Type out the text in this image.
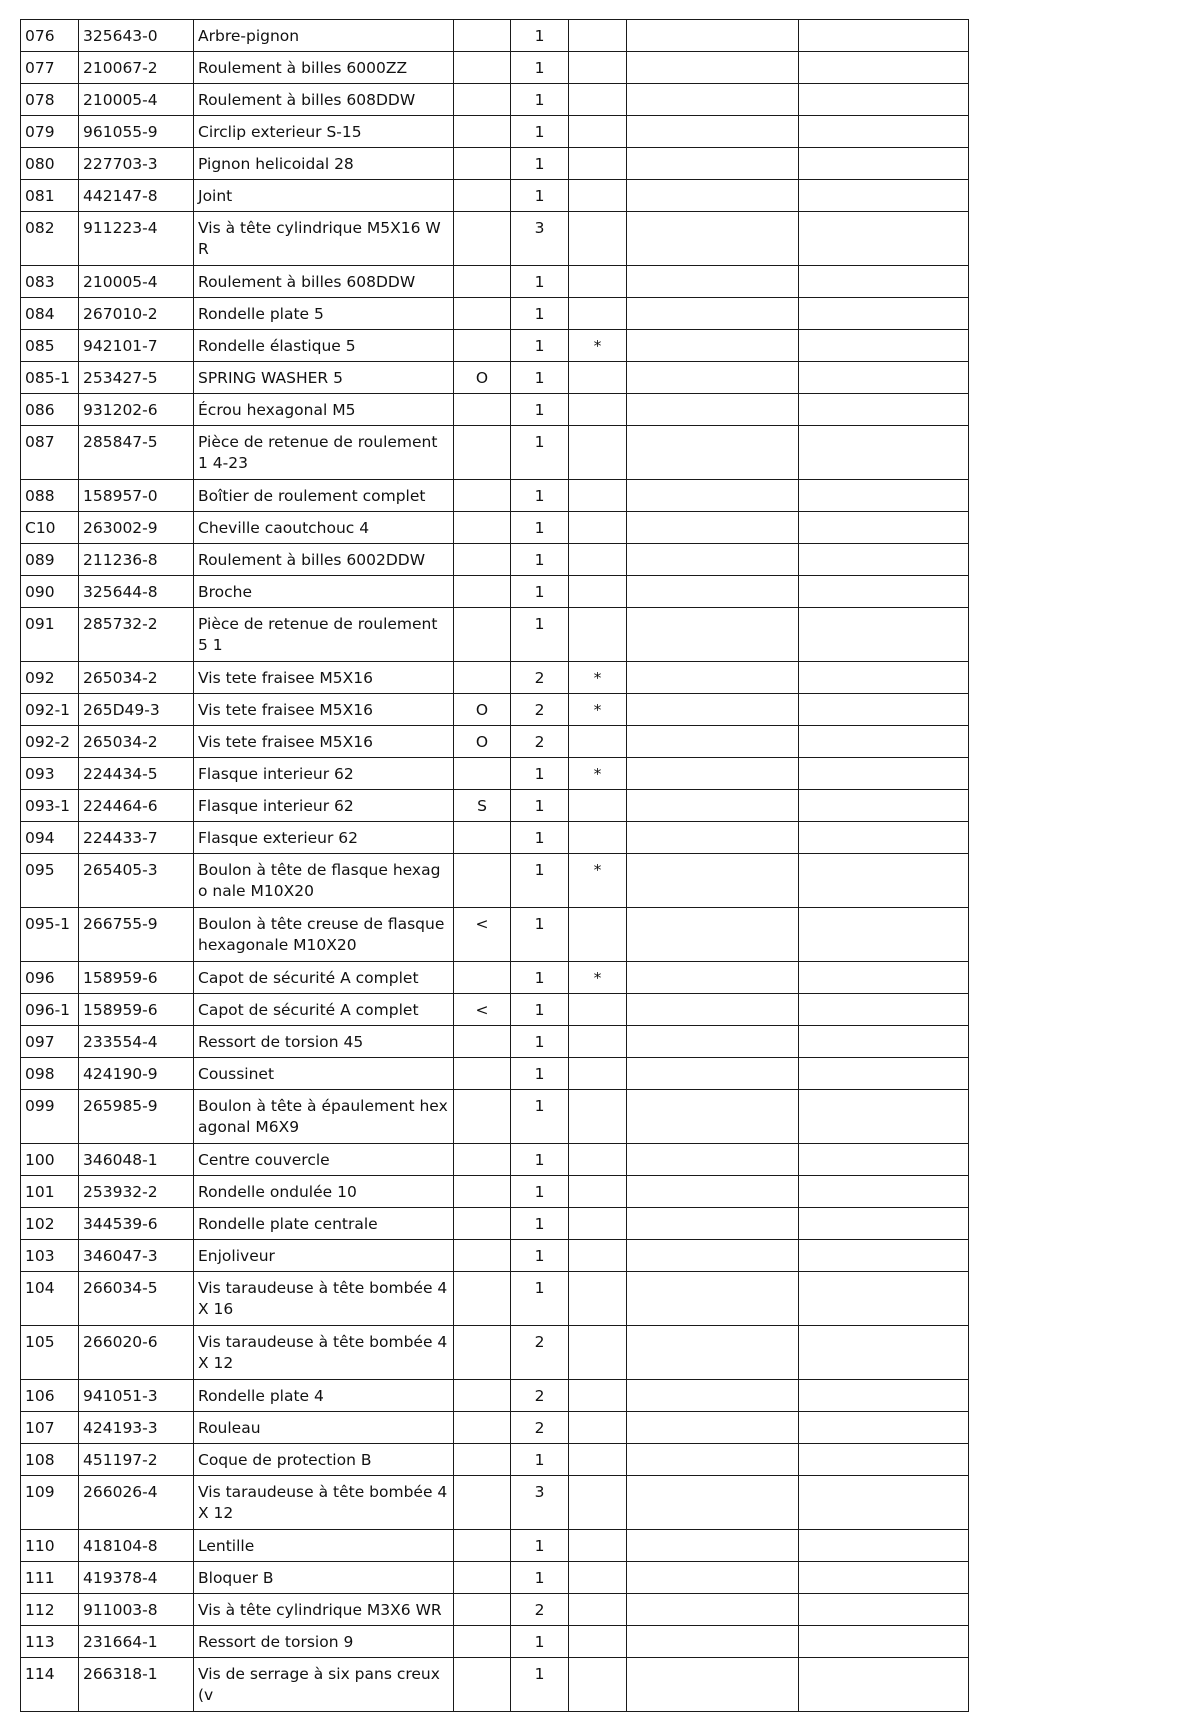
076	325643-0	Arbre-pignon		1			
077	210067-2	Roulement à billes 6000ZZ		1			
078	210005-4	Roulement à billes 608DDW		1			
079	961055-9	Circlip exterieur S-15		1			
080	227703-3	Pignon helicoidal 28		1			
081	442147-8	Joint		1			
082	911223-4	Vis à tête cylindrique M5X16 WR		3			
083	210005-4	Roulement à billes 608DDW		1			
084	267010-2	Rondelle plate 5		1			
085	942101-7	Rondelle élastique 5		1	*		
085-1	253427-5	SPRING WASHER 5	O	1			
086	931202-6	Écrou hexagonal M5		1			
087	285847-5	Pièce de retenue de roulement 1 4-23		1			
088	158957-0	Boîtier de roulement complet		1			
C10	263002-9	Cheville caoutchouc 4		1			
089	211236-8	Roulement à billes 6002DDW		1			
090	325644-8	Broche		1			
091	285732-2	Pièce de retenue de roulement 5 1		1			
092	265034-2	Vis tete fraisee M5X16		2	*		
092-1	265D49-3	Vis tete fraisee M5X16	O	2	*		
092-2	265034-2	Vis tete fraisee M5X16	O	2			
093	224434-5	Flasque interieur 62		1	*		
093-1	224464-6	Flasque interieur 62	S	1			
094	224433-7	Flasque exterieur 62		1			
095	265405-3	Boulon à tête de flasque hexago nale M10X20		1	*		
095-1	266755-9	Boulon à tête creuse de flasque hexagonale M10X20	<	1			
096	158959-6	Capot de sécurité A complet		1	*		
096-1	158959-6	Capot de sécurité A complet	<	1			
097	233554-4	Ressort de torsion 45		1			
098	424190-9	Coussinet		1			
099	265985-9	Boulon à tête à épaulement hex agonal M6X9		1			
100	346048-1	Centre couvercle		1			
101	253932-2	Rondelle ondulée 10		1			
102	344539-6	Rondelle plate centrale		1			
103	346047-3	Enjoliveur		1			
104	266034-5	Vis taraudeuse à tête bombée 4X 16		1			
105	266020-6	Vis taraudeuse à tête bombée 4X 12		2			
106	941051-3	Rondelle plate 4		2			
107	424193-3	Rouleau		2			
108	451197-2	Coque de protection B		1			
109	266026-4	Vis taraudeuse à tête bombée 4X 12		3			
110	418104-8	Lentille		1			
111	419378-4	Bloquer B		1			
112	911003-8	Vis à tête cylindrique M3X6 WR		2			
113	231664-1	Ressort de torsion 9		1			
114	266318-1	Vis de serrage à six pans creux (v		1			
